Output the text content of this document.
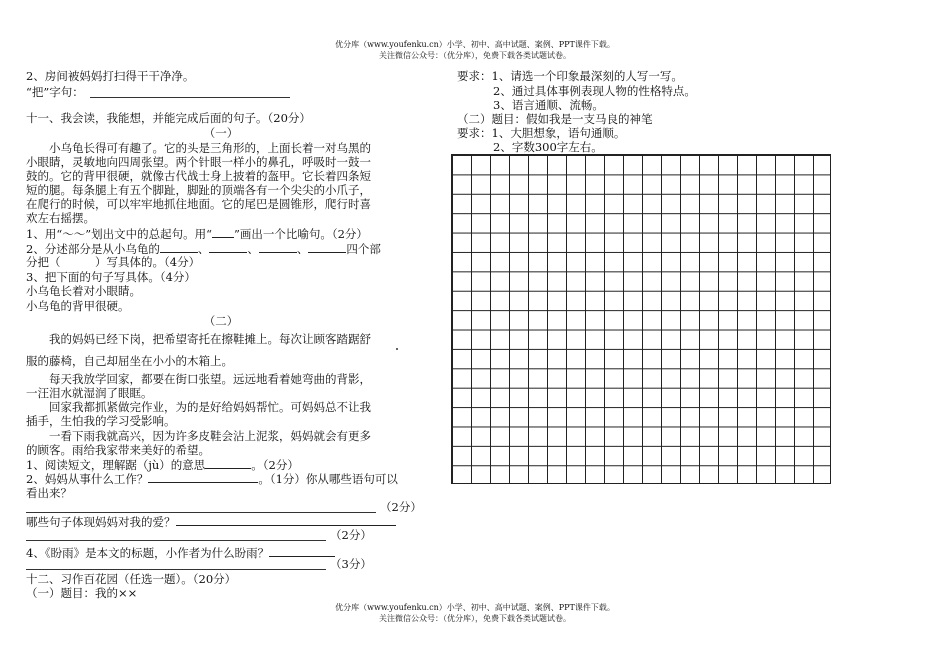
优分库（www.youfenku.cn）小学、初中、高中试题、案例、PPT课件下载。
关注微信公众号：（优分库），免费下载各类试题试卷。
2、房间被妈妈打扫得干干净净。
“把”字句：
十一、我会读，我能想，并能完成后面的句子。（20分）
（一）
　　小乌龟长得可有趣了。它的头是三角形的，上面长着一对乌黑的
小眼睛，灵敏地向四周张望。两个针眼一样小的鼻孔，呼吸时一鼓一
鼓的。它的背甲很硬，就像古代战士身上披着的盔甲。它长着四条短
短的腿。每条腿上有五个脚趾，脚趾的顶端各有一个尖尖的小爪子，
在爬行的时候，可以牢牢地抓住地面。它的尾巴是圆锥形，爬行时喜
欢左右摇摆。
1、用“～～”划出文中的总起句。用“ ”画出一个比喻句。（2分）
2、分述部分是从小乌龟的	、	、	、	四个部
分把（　　　）写具体的。（4分）
3、把下面的句子写具体。（4分）
小乌龟长着对小眼睛。
小乌龟的背甲很硬。
（二）
　　我的妈妈已经下岗，把希望寄托在擦鞋摊上。每次让顾客踏踞舒
服的藤椅，自己却屈坐在小小的木箱上。
　　每天我放学回家，都要在街口张望。远远地看着她弯曲的背影，
一汪泪水就湿润了眼眶。
　　回家我都抓紧做完作业，为的是好给妈妈帮忙。可妈妈总不让我
插手，生怕我的学习受影响。
　　一看下雨我就高兴，因为许多皮鞋会沾上泥浆，妈妈就会有更多
的顾客。雨给我家带来美好的希望。
1、阅读短文，理解踞（jù）的意思	。（2分）
2、妈妈从事什么工作？	。（1分）你从哪些语句可以
看出来？
（2分）
哪些句子体现妈妈对我的爱？
（2分）
4、《盼雨》是本文的标题，小作者为什么盼雨？
（3分）
十二、习作百花园（任选一题）。（20分）
（一）题目：我的××
要求：1、请选一个印象最深刻的人写一写。
2、通过具体事例表现人物的性格特点。
3、语言通顺、流畅。
（二）题目：假如我是一支马良的神笔
要求：1、大胆想象，语句通顺。
2、字数300字左右。
优分库（www.youfenku.cn）小学、初中、高中试题、案例、PPT课件下载。
关注微信公众号：（优分库），免费下载各类试题试卷。
